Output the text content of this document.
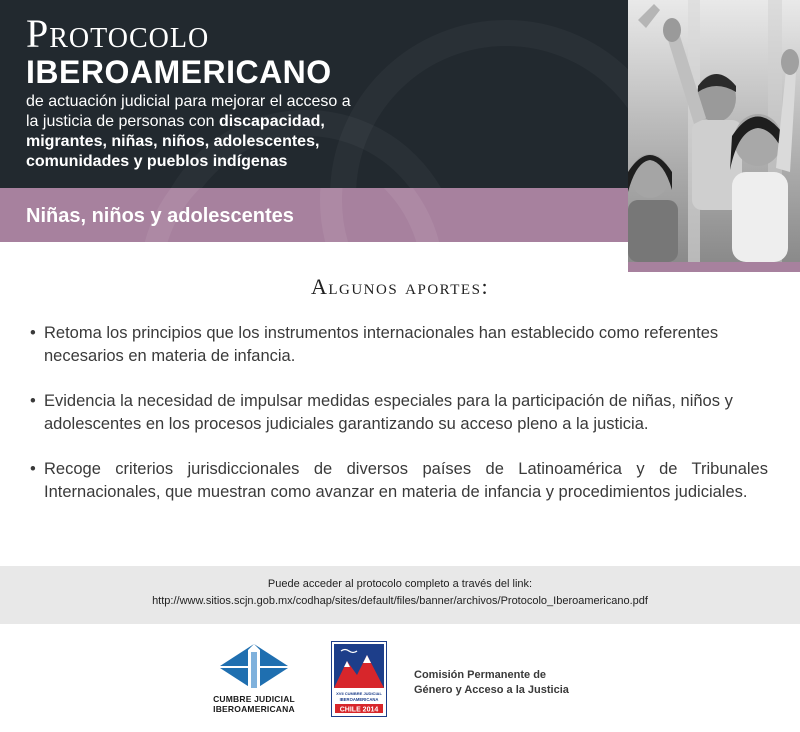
Protocolo
IBEROAMERICANO

de actuación judicial para mejorar el acceso a la justicia de personas con discapacidad, migrantes, niñas, niños, adolescentes, comunidades y pueblos indígenas

Niñas, niños y adolescentes

Algunos aportes:
• Retoma los principios que los instrumentos internacionales han establecido como referentes necesarios en materia de infancia.
• Evidencia la necesidad de impulsar medidas especiales para la participación de niñas, niños y adolescentes en los procesos judiciales garantizando su acceso pleno a la justicia.
• Recoge criterios jurisdiccionales de diversos países de Latinoamérica y de Tribunales Internacionales, que muestran como avanzar en materia de infancia y procedimientos judiciales.

Puede acceder al protocolo completo a través del link:

http://www.sitios.scjn.gob.mx/codhap/sites/default/files/banner/archivos/Protocolo_Iberoamericano.pdf

CUMBRE JUDICIAL
IBEROAMERICANA
XVII CUMBRE JUDICIAL
IBEROAMERICANA
CHILE 2014
Comisión Permanente de
Género y Acceso a la Justicia
